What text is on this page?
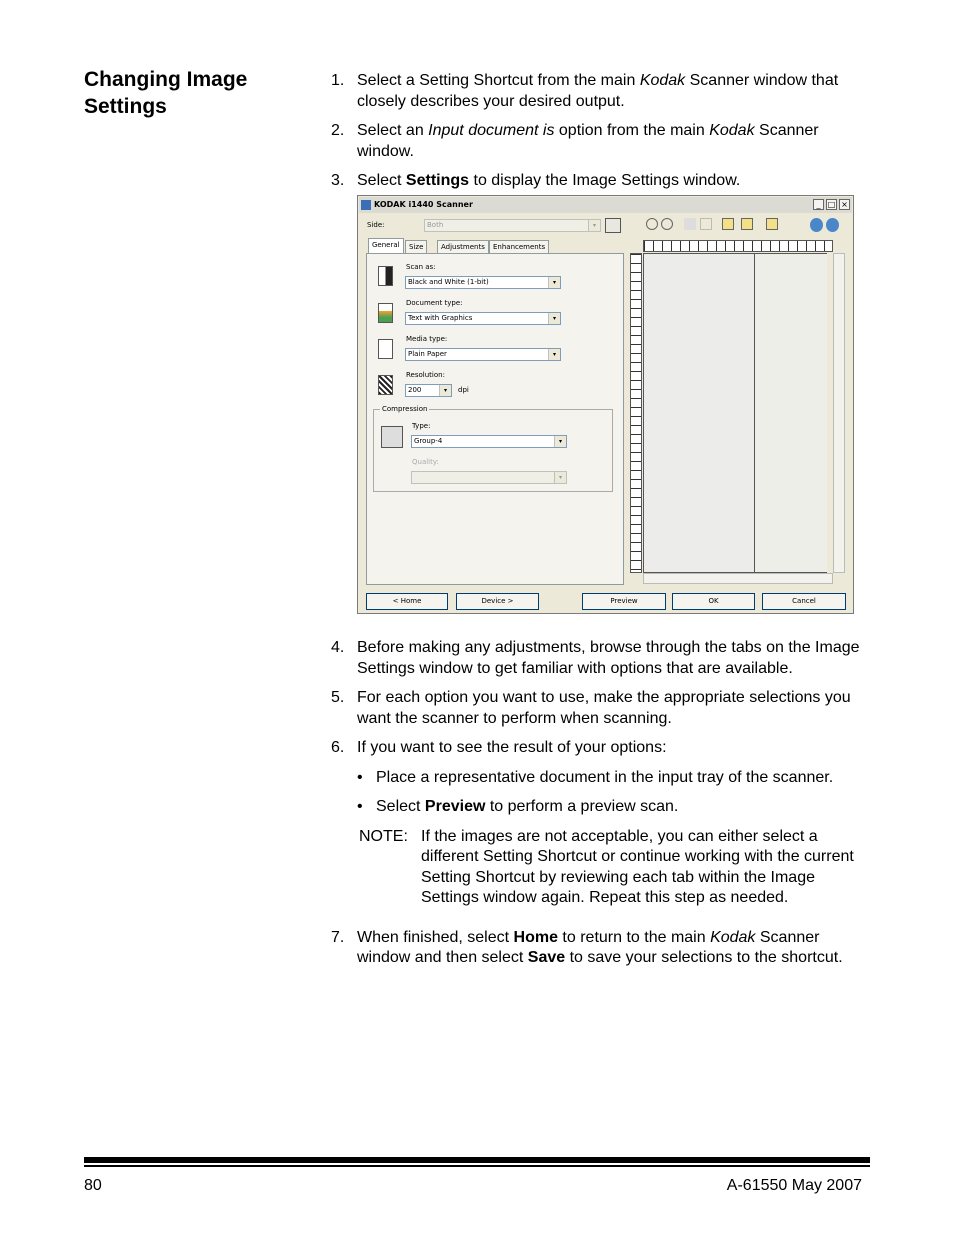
Changing Image Settings
1. Select a Setting Shortcut from the main Kodak Scanner window that closely describes your desired output.
2. Select an Input document is option from the main Kodak Scanner window.
3. Select Settings to display the Image Settings window.
KODAK i1440 Scanner	_ □ ×
Side:	Both	▾
General	Size	Adjustments	Enhancements
Scan as:
Black and White (1-bit)	▾
Document type:
Text with Graphics	▾
Media type:
Plain Paper	▾
Resolution:
200	▾	dpi
Compression
Type:
Group-4	▾
Quality:
▾
< Home	Device >	Preview	OK	Cancel
4. Before making any adjustments, browse through the tabs on the Image Settings window to get familiar with options that are available.
5. For each option you want to use, make the appropriate selections you want the scanner to perform when scanning.
6. If you want to see the result of your options:
• Place a representative document in the input tray of the scanner.
• Select Preview to perform a preview scan.
NOTE: If the images are not acceptable, you can either select a different Setting Shortcut or continue working with the current Setting Shortcut by reviewing each tab within the Image Settings window again. Repeat this step as needed.
7. When finished, select Home to return to the main Kodak Scanner window and then select Save to save your selections to the shortcut.
80	A-61550 May 2007
